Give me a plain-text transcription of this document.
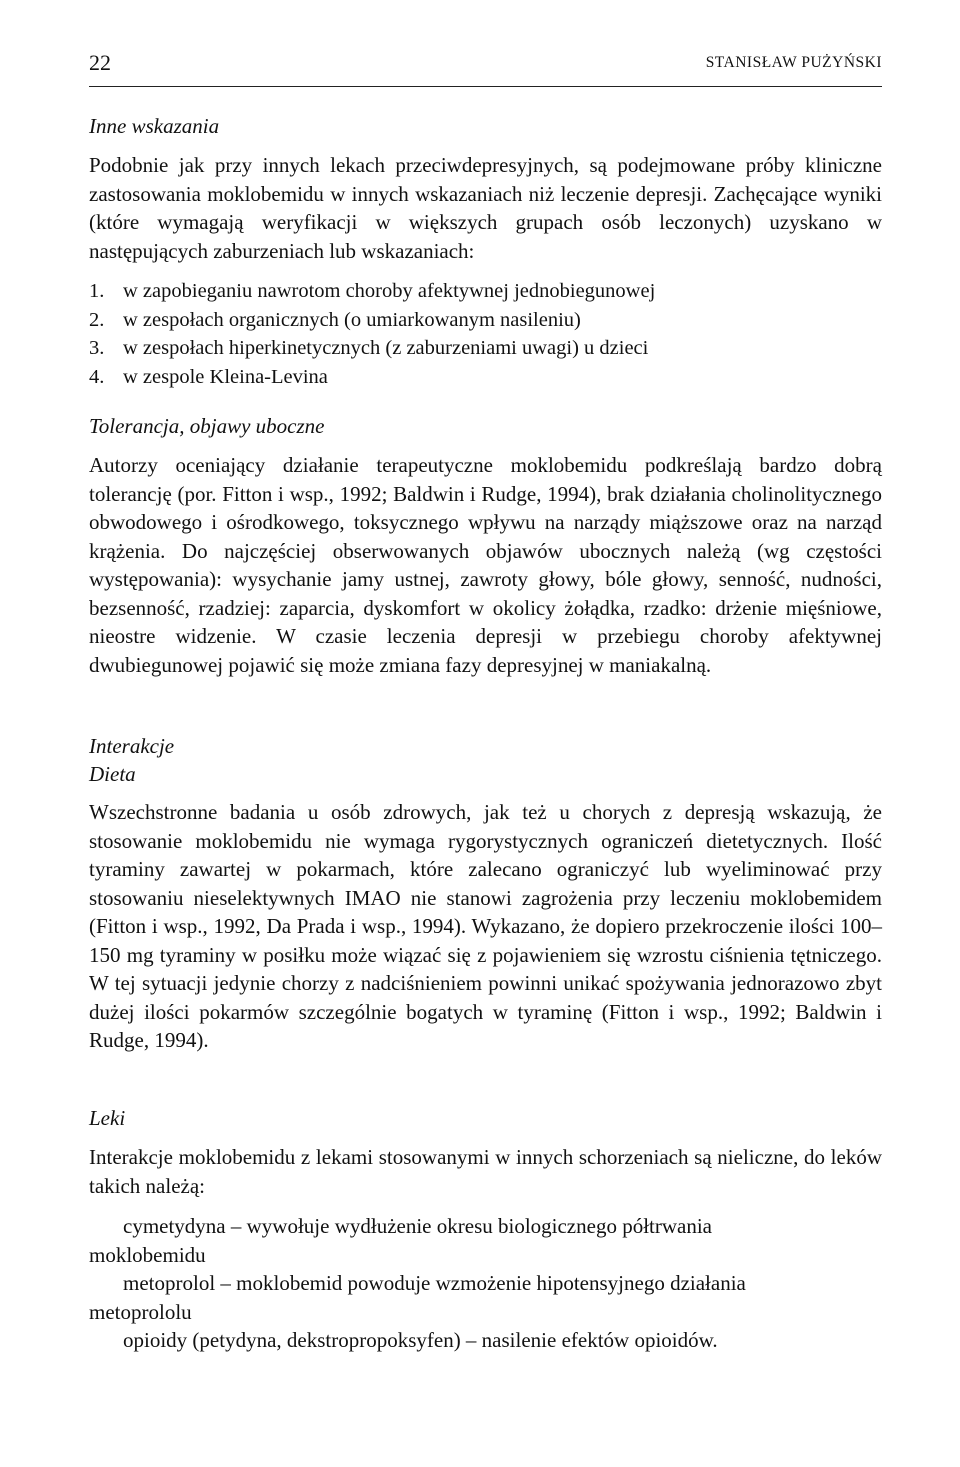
22	STANISŁAW PUŻYŃSKI
Inne wskazania

Podobnie jak przy innych lekach przeciwdepresyjnych, są podejmowane próby kliniczne zastosowania moklobemidu w innych wskazaniach niż leczenie depresji. Zachęcające wyniki (które wymagają weryfikacji w większych grupach osób leczonych) uzyskano w następujących zaburzeniach lub wskazaniach:

1. w zapobieganiu nawrotom choroby afektywnej jednobiegunowej
2. w zespołach organicznych (o umiarkowanym nasileniu)
3. w zespołach hiperkinetycznych (z zaburzeniami uwagi) u dzieci
4. w zespole Kleina-Levina
Tolerancja, objawy uboczne

Autorzy oceniający działanie terapeutyczne moklobemidu podkreślają bardzo dobrą tolerancję (por. Fitton i wsp., 1992; Baldwin i Rudge, 1994), brak działania cholinolitycznego obwodowego i ośrodkowego, toksycznego wpływu na narządy miąższowe oraz na narząd krążenia. Do najczęściej obserwowanych objawów ubocznych należą (wg częstości występowania): wysychanie jamy ustnej, zawroty głowy, bóle głowy, senność, nudności, bezsenność, rzadziej: zaparcia, dyskomfort w okolicy żołądka, rzadko: drżenie mięśniowe, nieostre widzenie. W czasie leczenia depresji w przebiegu choroby afektywnej dwubiegunowej pojawić się może zmiana fazy depresyjnej w maniakalną.

Interakcje
Dieta

Wszechstronne badania u osób zdrowych, jak też u chorych z depresją wskazują, że stosowanie moklobemidu nie wymaga rygorystycznych ograniczeń dietetycznych. Ilość tyraminy zawartej w pokarmach, które zalecano ograniczyć lub wyeliminować przy stosowaniu nieselektywnych IMAO nie stanowi zagrożenia przy leczeniu moklobemidem (Fitton i wsp., 1992, Da Prada i wsp., 1994). Wykazano, że dopiero przekroczenie ilości 100–150 mg tyraminy w posiłku może wiązać się z pojawieniem się wzrostu ciśnienia tętniczego. W tej sytuacji jedynie chorzy z nadciśnieniem powinni unikać spożywania jednorazowo zbyt dużej ilości pokarmów szczególnie bogatych w tyraminę (Fitton i wsp., 1992; Baldwin i Rudge, 1994).

Leki

Interakcje moklobemidu z lekami stosowanymi w innych schorzeniach są nieliczne, do leków takich należą:

cymetydyna – wywołuje wydłużenie okresu biologicznego półtrwania
moklobemidu

metoprolol – moklobemid powoduje wzmożenie hipotensyjnego działania
metoprololu

opioidy (petydyna, dekstropropoksyfen) – nasilenie efektów opioidów.
